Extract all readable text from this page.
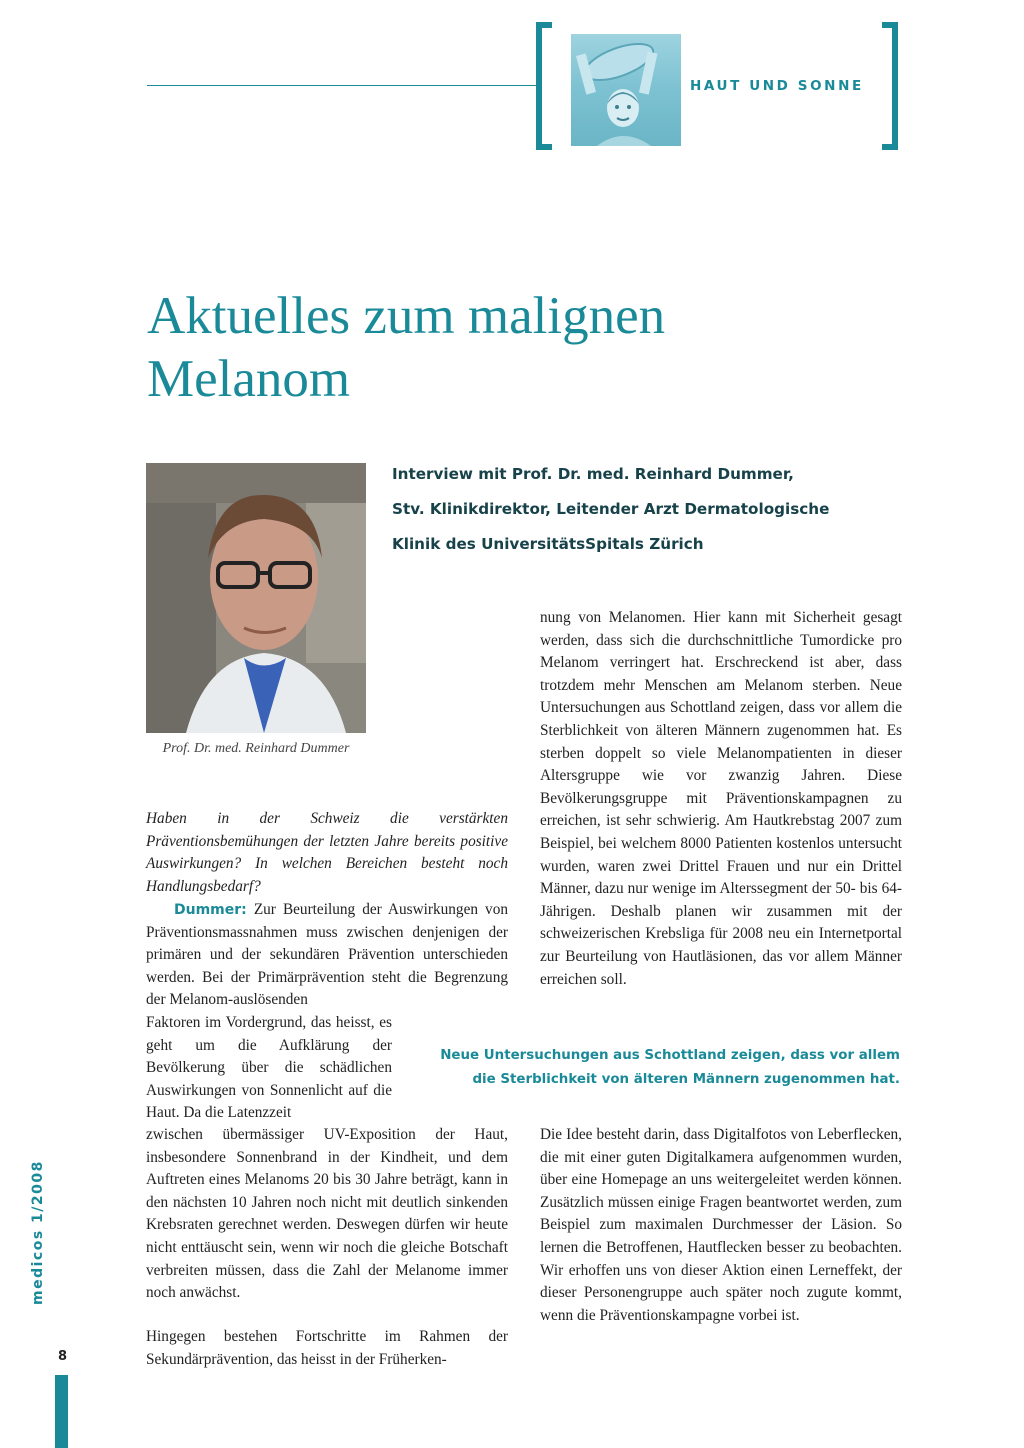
HAUT UND SONNE
Aktuelles zum malignen
Melanom
Prof. Dr. med. Reinhard Dummer
Interview mit Prof. Dr. med. Reinhard Dummer,
Stv. Klinikdirektor, Leitender Arzt Dermatologische
Klinik des UniversitätsSpitals Zürich
Haben in der Schweiz die verstärkten Präventionsbemühungen der letzten Jahre bereits positive Auswirkungen? In welchen Bereichen besteht noch Handlungsbedarf?
Dummer: Zur Beurteilung der Auswirkungen von Präventionsmassnahmen muss zwischen denjenigen der primären und der sekundären Prävention unterschieden werden. Bei der Primärprävention steht die Begrenzung der Melanom-auslösenden
Faktoren im Vordergrund, das heisst, es geht um die Aufklärung der Bevölkerung über die schädlichen Auswirkungen von Sonnenlicht auf die Haut. Da die Latenzzeit
zwischen übermässiger UV-Exposition der Haut, insbesondere Sonnenbrand in der Kindheit, und dem Auftreten eines Melanoms 20 bis 30 Jahre beträgt, kann in den nächsten 10 Jahren noch nicht mit deutlich sinkenden Krebsraten gerechnet werden. Deswegen dürfen wir heute nicht enttäuscht sein, wenn wir noch die gleiche Botschaft verbreiten müssen, dass die Zahl der Melanome immer noch anwächst.
Hingegen bestehen Fortschritte im Rahmen der Sekundärprävention, das heisst in der Früherken-
nung von Melanomen. Hier kann mit Sicherheit gesagt werden, dass sich die durchschnittliche Tumordicke pro Melanom verringert hat. Erschreckend ist aber, dass trotzdem mehr Menschen am Melanom sterben. Neue Untersuchungen aus Schottland zeigen, dass vor allem die Sterblichkeit von älteren Männern zugenommen hat. Es sterben doppelt so viele Melanompatienten in dieser Altersgruppe wie vor zwanzig Jahren. Diese Bevölkerungsgruppe mit Präventionskampagnen zu erreichen, ist sehr schwierig. Am Hautkrebstag 2007 zum Beispiel, bei welchem 8000 Patienten kostenlos untersucht wurden, waren zwei Drittel Frauen und nur ein Drittel Männer, dazu nur wenige im Alterssegment der 50- bis 64-Jährigen. Deshalb planen wir zusammen mit der schweizerischen Krebsliga für 2008 neu ein Internetportal zur Beurteilung von Hautläsionen, das vor allem Männer erreichen soll.
Neue Untersuchungen aus Schottland zeigen, dass vor allem
die Sterblichkeit von älteren Männern zugenommen hat.
Die Idee besteht darin, dass Digitalfotos von Leberflecken, die mit einer guten Digitalkamera aufgenommen wurden, über eine Homepage an uns weitergeleitet werden können. Zusätzlich müssen einige Fragen beantwortet werden, zum Beispiel zum maximalen Durchmesser der Läsion. So lernen die Betroffenen, Hautflecken besser zu beobachten. Wir erhoffen uns von dieser Aktion einen Lerneffekt, der dieser Personengruppe auch später noch zugute kommt, wenn die Präventionskampagne vorbei ist.
medicos 1/2008
8
